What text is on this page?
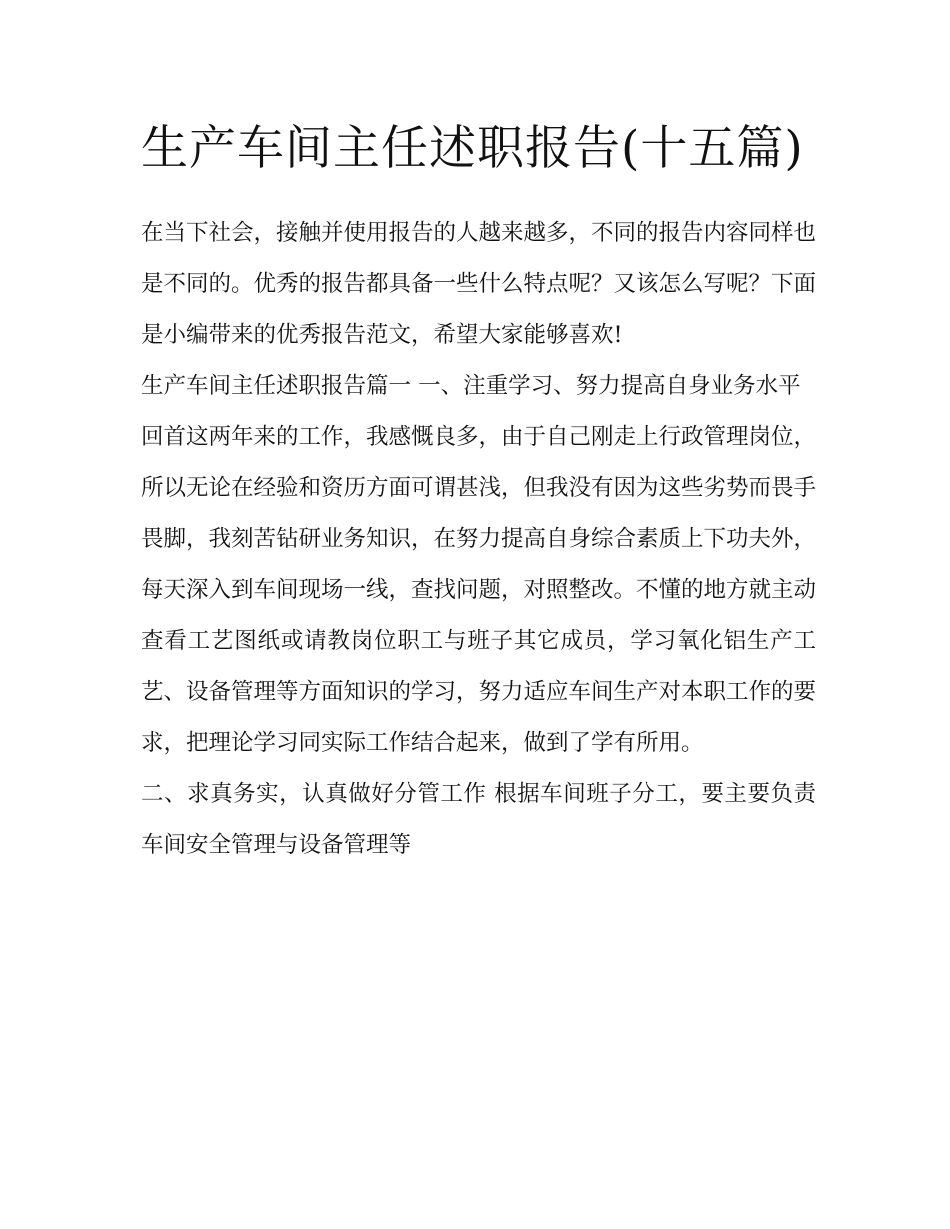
生产车间主任述职报告(十五篇)

在当下社会，接触并使用报告的人越来越多，不同的报告内容同样也是不同的。优秀的报告都具备一些什么特点呢？又该怎么写呢？下面是小编带来的优秀报告范文，希望大家能够喜欢!

生产车间主任述职报告篇一 一、注重学习、努力提高自身业务水平

回首这两年来的工作，我感慨良多，由于自己刚走上行政管理岗位，所以无论在经验和资历方面可谓甚浅，但我没有因为这些劣势而畏手畏脚，我刻苦钻研业务知识，在努力提高自身综合素质上下功夫外，每天深入到车间现场一线，查找问题，对照整改。不懂的地方就主动查看工艺图纸或请教岗位职工与班子其它成员，学习氧化铝生产工艺、设备管理等方面知识的学习，努力适应车间生产对本职工作的要求，把理论学习同实际工作结合起来，做到了学有所用。

二、求真务实，认真做好分管工作 根据车间班子分工，要主要负责车间安全管理与设备管理等
